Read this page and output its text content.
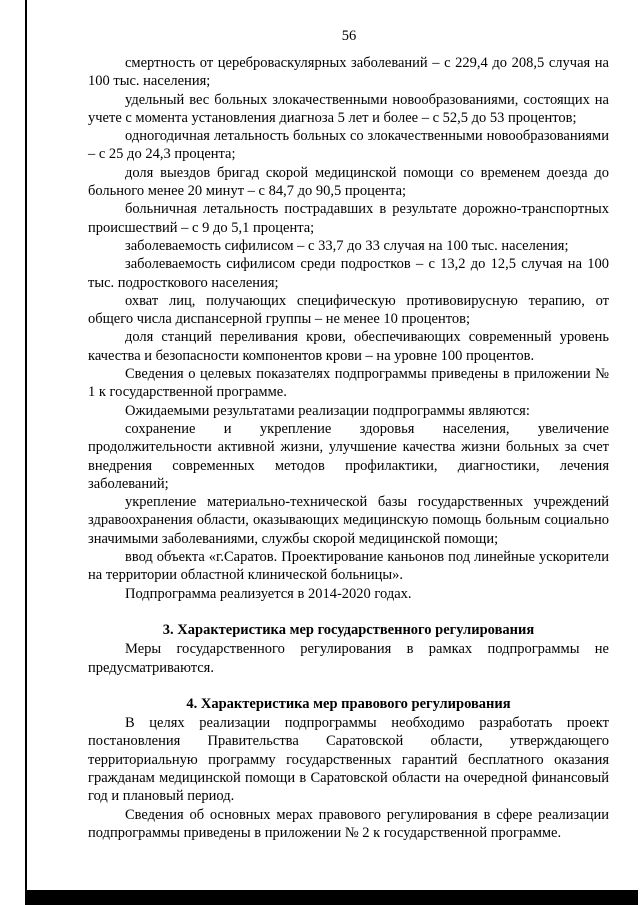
56

смертность от цереброваскулярных заболеваний – с 229,4 до 208,5 случая на 100 тыс. населения;

удельный вес больных злокачественными новообразованиями, состоящих на учете с момента установления диагноза 5 лет и более – с 52,5 до 53 процентов;

одногодичная летальность больных со злокачественными новообразованиями – с 25 до 24,3 процента;

доля выездов бригад скорой медицинской помощи со временем доезда до больного менее 20 минут – с 84,7 до 90,5 процента;

больничная летальность пострадавших в результате дорожно-транспортных происшествий – с 9 до 5,1 процента;

заболеваемость сифилисом – с 33,7 до 33 случая на 100 тыс. населения;

заболеваемость сифилисом среди подростков – с 13,2 до 12,5 случая на 100 тыс. подросткового населения;

охват лиц, получающих специфическую противовирусную терапию, от общего числа диспансерной группы – не менее 10 процентов;

доля станций переливания крови, обеспечивающих современный уровень качества и безопасности компонентов крови – на уровне 100 процентов.

Сведения о целевых показателях подпрограммы приведены в приложении № 1 к государственной программе.

Ожидаемыми результатами реализации подпрограммы являются:

сохранение и укрепление здоровья населения, увеличение продолжительности активной жизни, улучшение качества жизни больных за счет внедрения современных методов профилактики, диагностики, лечения заболеваний;

укрепление материально-технической базы государственных учреждений здравоохранения области, оказывающих медицинскую помощь больным социально значимыми заболеваниями, службы скорой медицинской помощи;

ввод объекта «г.Саратов. Проектирование каньонов под линейные ускорители на территории областной клинической больницы».

Подпрограмма реализуется в 2014-2020 годах.

3. Характеристика мер государственного регулирования

Меры государственного регулирования в рамках подпрограммы не предусматриваются.

4. Характеристика мер правового регулирования

В целях реализации подпрограммы необходимо разработать проект постановления Правительства Саратовской области, утверждающего территориальную программу государственных гарантий бесплатного оказания гражданам медицинской помощи в Саратовской области на очередной финансовый год и плановый период.

Сведения об основных мерах правового регулирования в сфере реализации подпрограммы приведены в приложении № 2 к государственной программе.
